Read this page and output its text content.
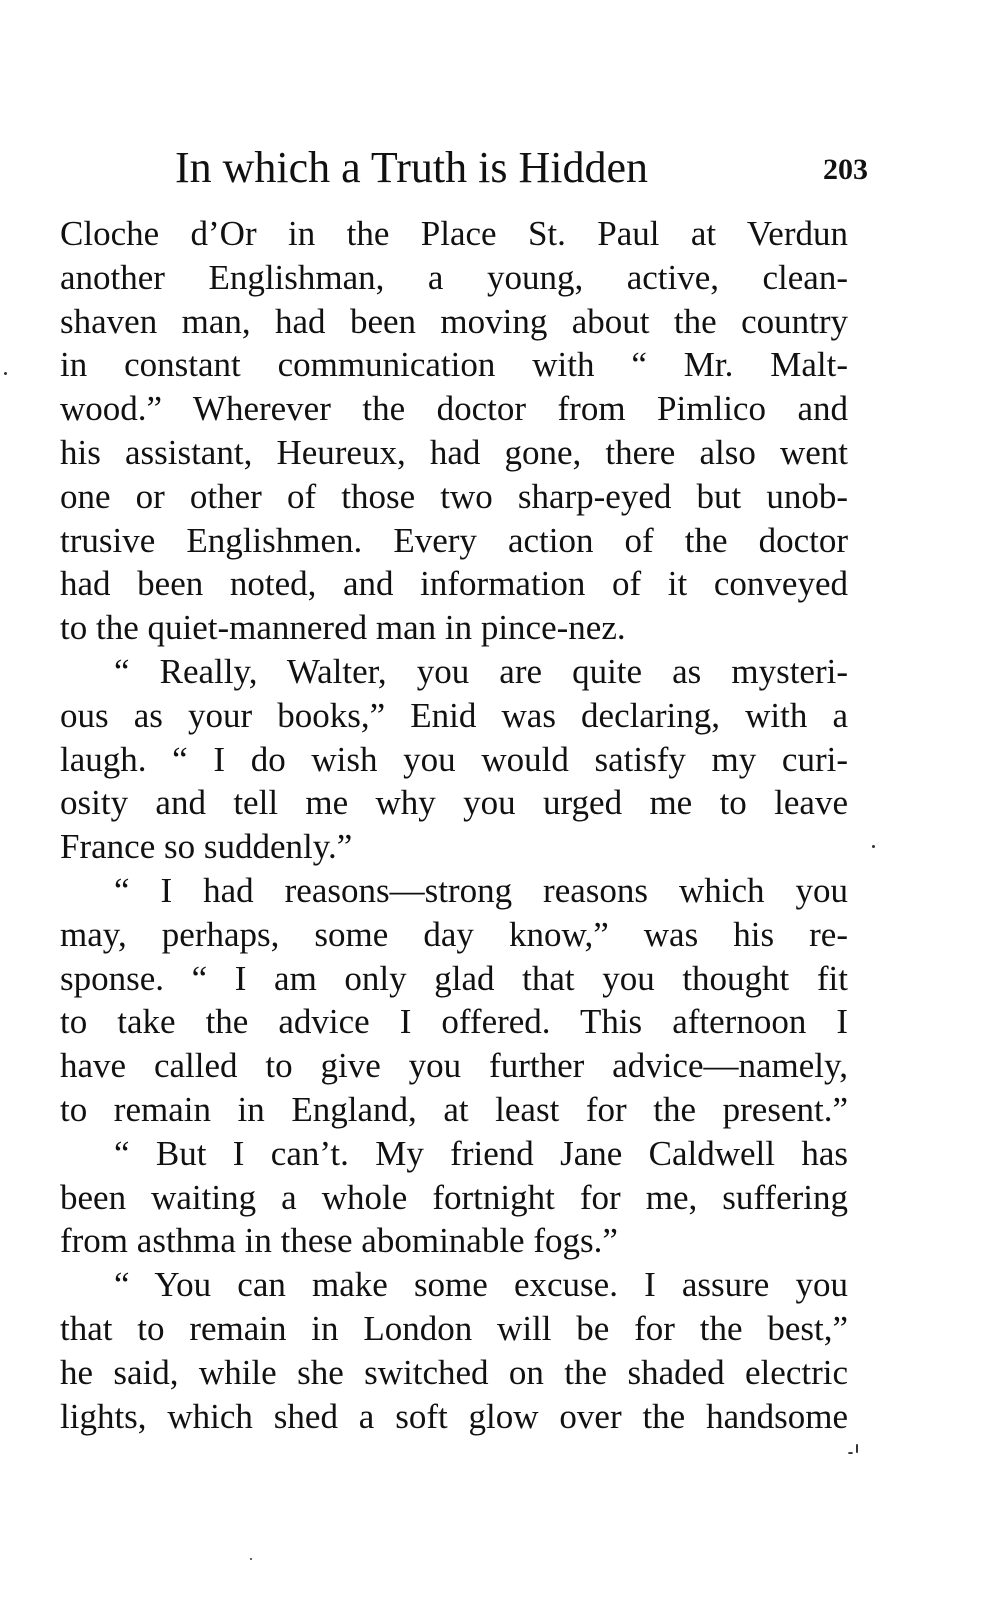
In which a Truth is Hidden	203
Cloche d’Or in the Place St. Paul at Verdun
another Englishman, a young, active, clean-
shaven man, had been moving about the country
in constant communication with “ Mr. Malt-
wood.” Wherever the doctor from Pimlico and
his assistant, Heureux, had gone, there also went
one or other of those two sharp-eyed but unob-
trusive Englishmen. Every action of the doctor
had been noted, and information of it conveyed
to the quiet-mannered man in pince-nez.
“ Really, Walter, you are quite as mysteri-
ous as your books,” Enid was declaring, with a
laugh. “ I do wish you would satisfy my curi-
osity and tell me why you urged me to leave
France so suddenly.”
“ I had reasons—strong reasons which you
may, perhaps, some day know,” was his re-
sponse. “ I am only glad that you thought fit
to take the advice I offered. This afternoon I
have called to give you further advice—namely,
to remain in England, at least for the present.”
“ But I can’t. My friend Jane Caldwell has
been waiting a whole fortnight for me, suffering
from asthma in these abominable fogs.”
“ You can make some excuse. I assure you
that to remain in London will be for the best,”
he said, while she switched on the shaded electric
lights, which shed a soft glow over the handsome
